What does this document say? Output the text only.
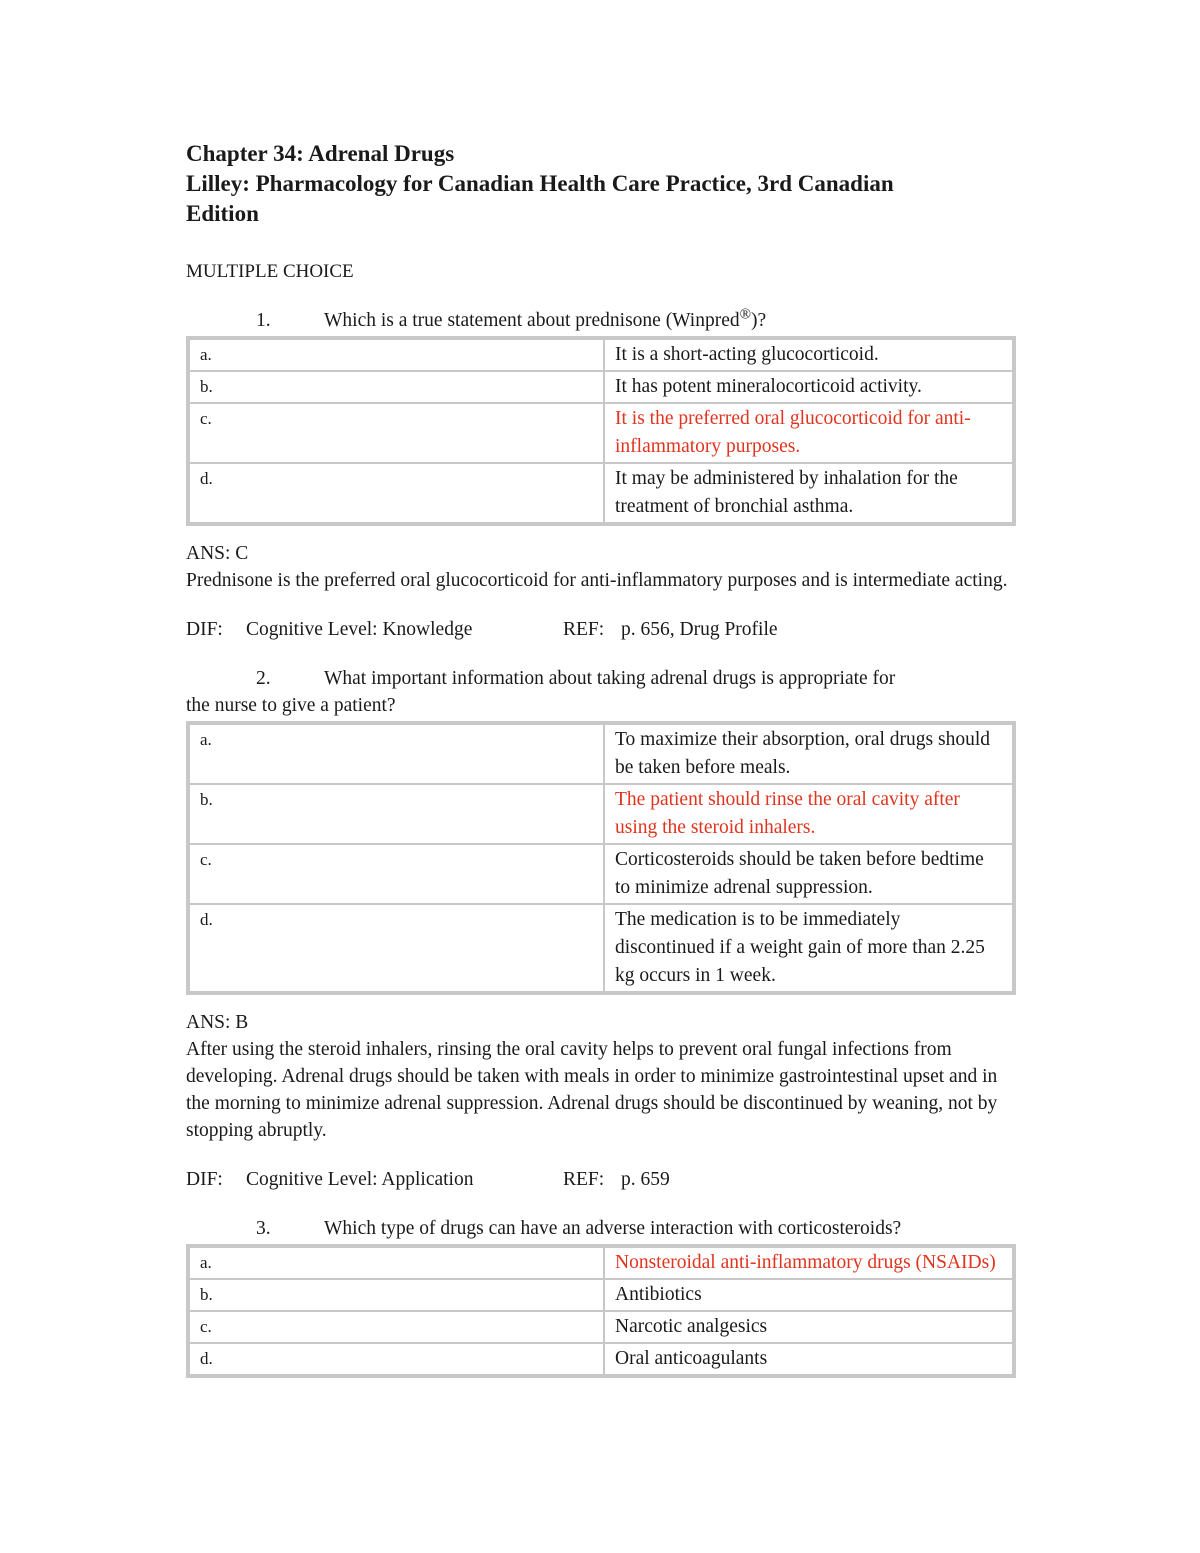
Chapter 34: Adrenal Drugs
Lilley: Pharmacology for Canadian Health Care Practice, 3rd Canadian
Edition
MULTIPLE CHOICE
1.	Which is a true statement about prednisone (Winpred®)?
a.	It is a short-acting glucocorticoid.
b.	It has potent mineralocorticoid activity.
c.	It is the preferred oral glucocorticoid for anti-inflammatory purposes.
d.	It may be administered by inhalation for the treatment of bronchial asthma.
ANS: C
Prednisone is the preferred oral glucocorticoid for anti-inflammatory purposes and is intermediate acting.
DIF: Cognitive Level: Knowledge	REF: p. 656, Drug Profile
2.	What important information about taking adrenal drugs is appropriate for
the nurse to give a patient?
a.	To maximize their absorption, oral drugs should be taken before meals.
b.	The patient should rinse the oral cavity after using the steroid inhalers.
c.	Corticosteroids should be taken before bedtime to minimize adrenal suppression.
d.	The medication is to be immediately discontinued if a weight gain of more than 2.25 kg occurs in 1 week.
ANS: B
After using the steroid inhalers, rinsing the oral cavity helps to prevent oral fungal infections from developing. Adrenal drugs should be taken with meals in order to minimize gastrointestinal upset and in the morning to minimize adrenal suppression. Adrenal drugs should be discontinued by weaning, not by stopping abruptly.
DIF: Cognitive Level: Application	REF: p. 659
3.	Which type of drugs can have an adverse interaction with corticosteroids?
a.	Nonsteroidal anti-inflammatory drugs (NSAIDs)
b.	Antibiotics
c.	Narcotic analgesics
d.	Oral anticoagulants
